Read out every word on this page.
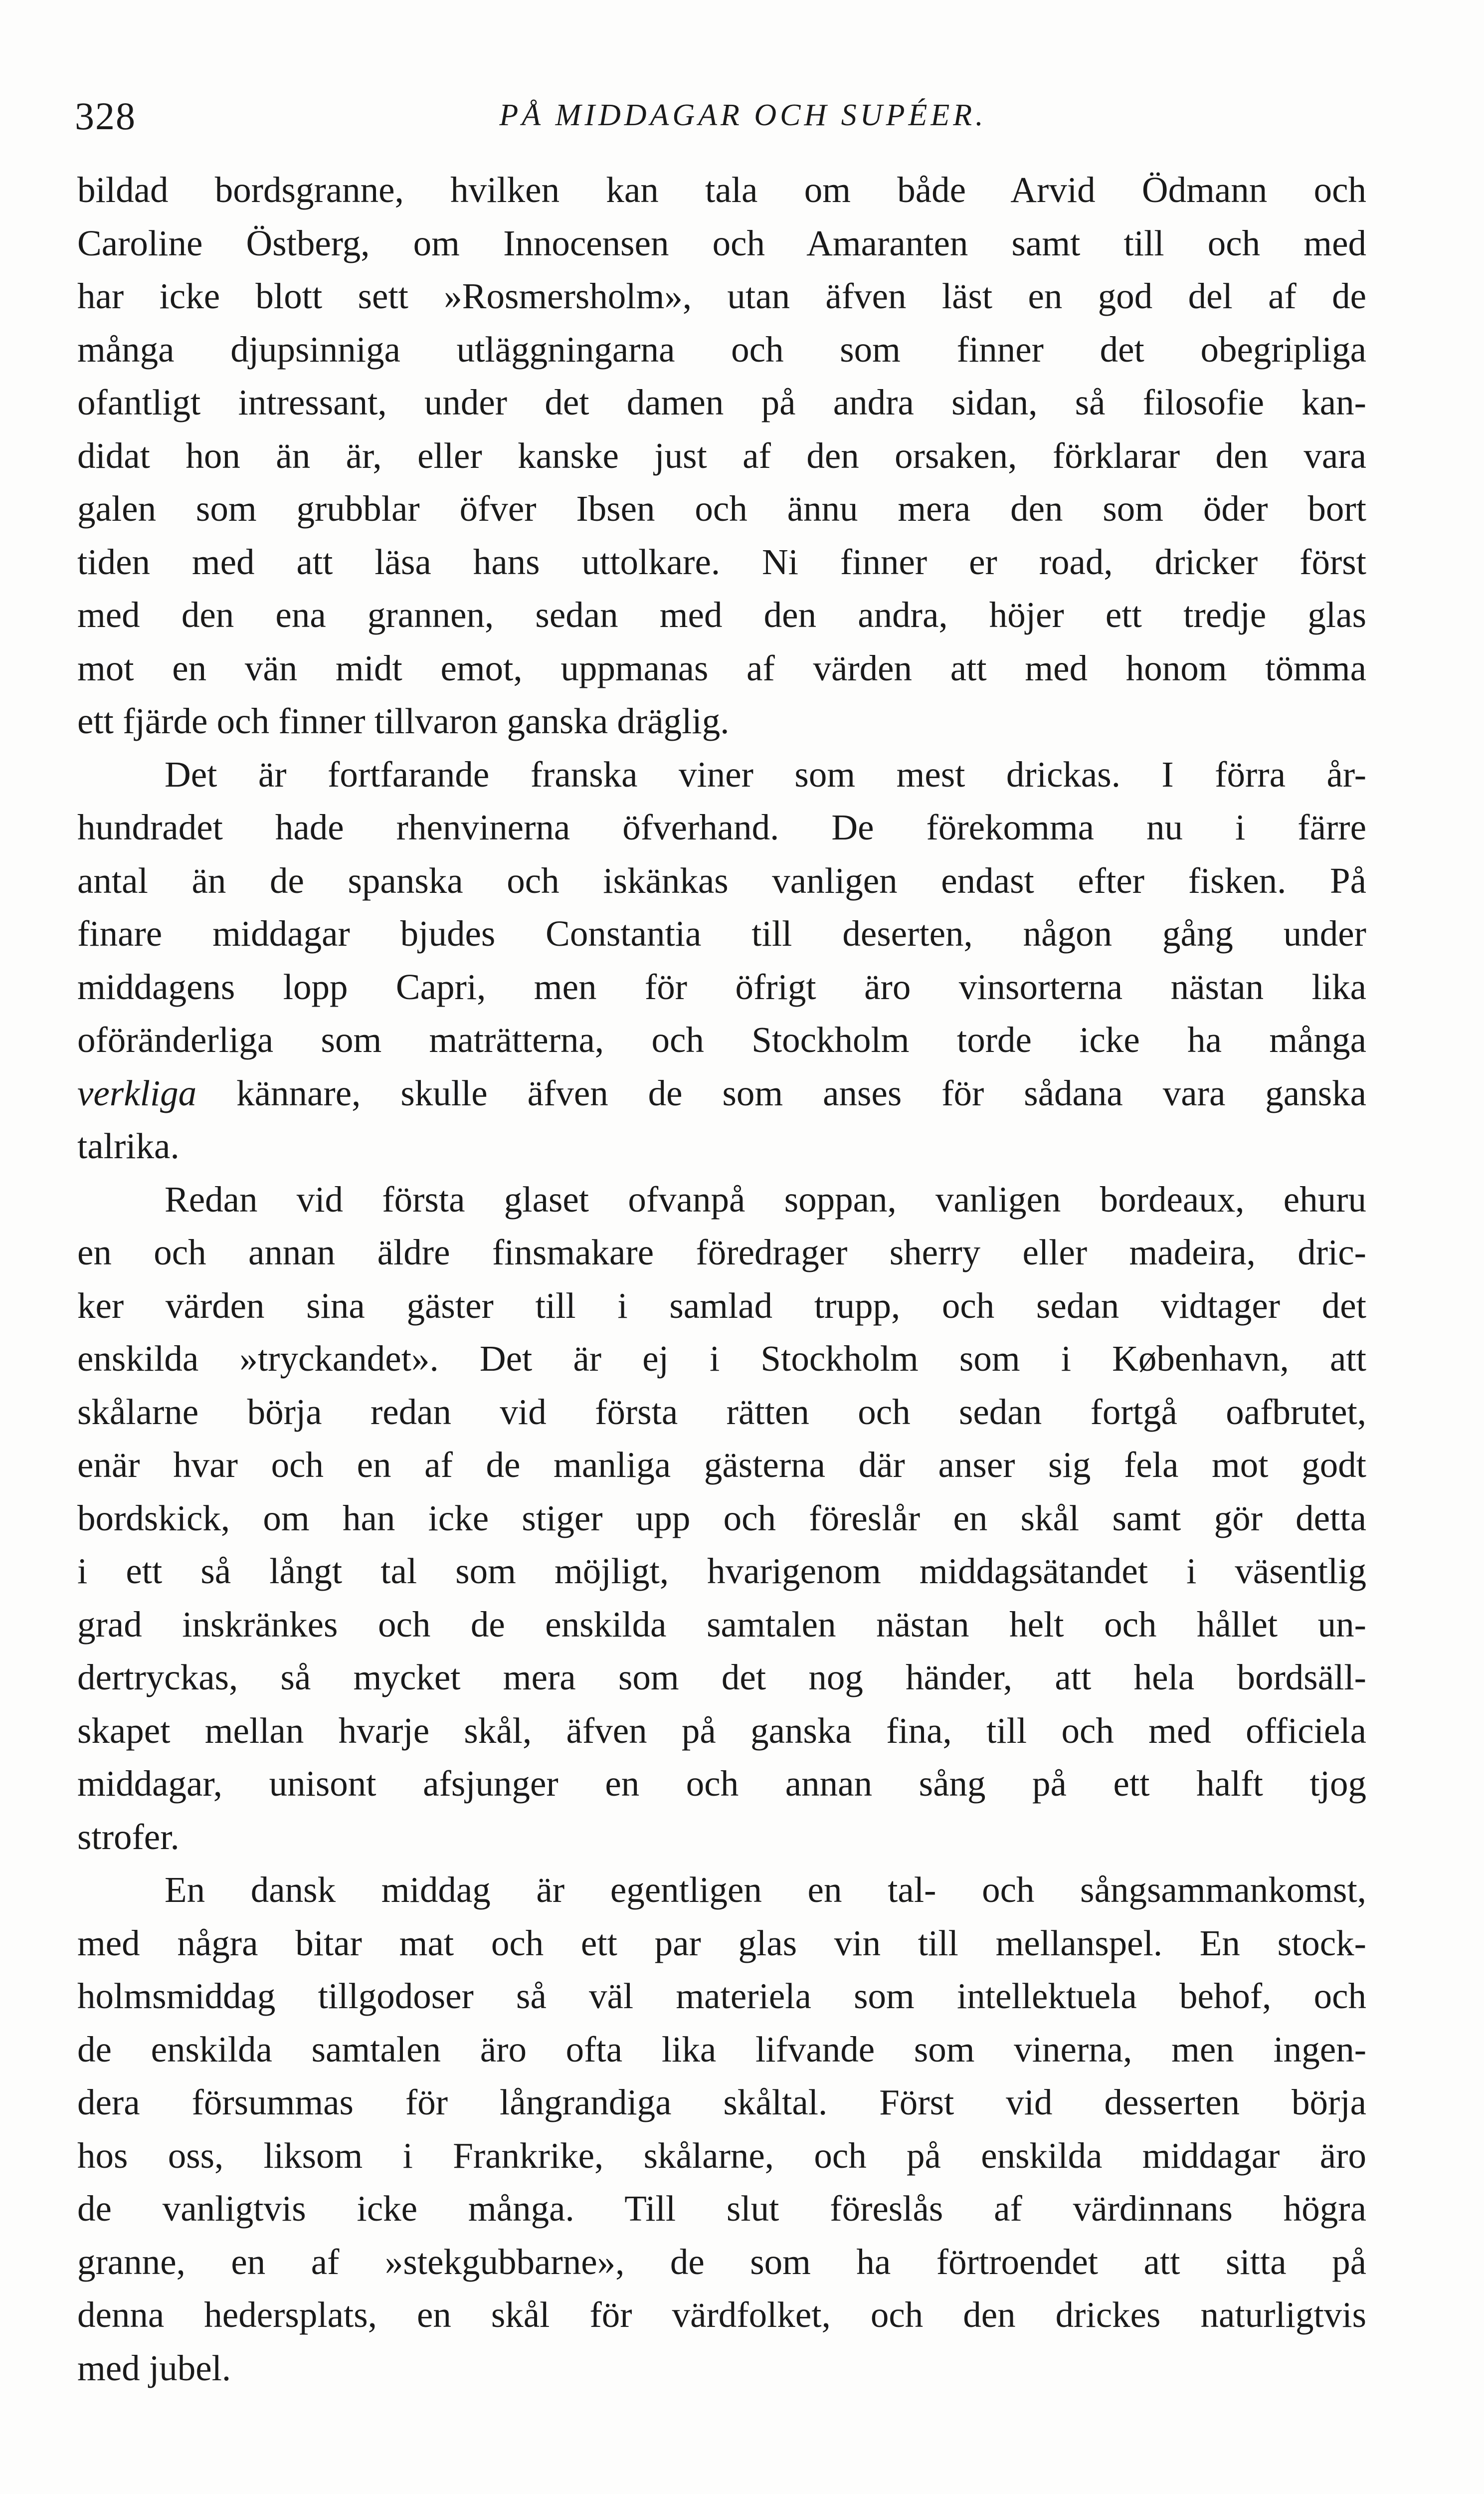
328	PÅ MIDDAGAR OCH SUPÉER.
bildad bordsgranne, hvilken kan tala om både Arvid Ödmann och
Caroline Östberg, om Innocensen och Amaranten samt till och med
har icke blott sett »Rosmersholm», utan äfven läst en god del af de
många djupsinniga utläggningarna och som finner det obegripliga
ofantligt intressant, under det damen på andra sidan, så filosofie kan-
didat hon än är, eller kanske just af den orsaken, förklarar den vara
galen som grubblar öfver Ibsen och ännu mera den som öder bort
tiden med att läsa hans uttolkare. Ni finner er road, dricker först
med den ena grannen, sedan med den andra, höjer ett tredje glas
mot en vän midt emot, uppmanas af värden att med honom tömma
ett fjärde och finner tillvaron ganska dräglig.
Det är fortfarande franska viner som mest drickas. I förra år-
hundradet hade rhenvinerna öfverhand. De förekomma nu i färre
antal än de spanska och iskänkas vanligen endast efter fisken. På
finare middagar bjudes Constantia till deserten, någon gång under
middagens lopp Capri, men för öfrigt äro vinsorterna nästan lika
oföränderliga som maträtterna, och Stockholm torde icke ha många
verkliga kännare, skulle äfven de som anses för sådana vara ganska
talrika.
Redan vid första glaset ofvanpå soppan, vanligen bordeaux, ehuru
en och annan äldre finsmakare föredrager sherry eller madeira, dric-
ker värden sina gäster till i samlad trupp, och sedan vidtager det
enskilda »tryckandet». Det är ej i Stockholm som i København, att
skålarne börja redan vid första rätten och sedan fortgå oafbrutet,
enär hvar och en af de manliga gästerna där anser sig fela mot godt
bordskick, om han icke stiger upp och föreslår en skål samt gör detta
i ett så långt tal som möjligt, hvarigenom middagsätandet i väsentlig
grad inskränkes och de enskilda samtalen nästan helt och hållet un-
dertryckas, så mycket mera som det nog händer, att hela bordsäll-
skapet mellan hvarje skål, äfven på ganska fina, till och med officiela
middagar, unisont afsjunger en och annan sång på ett halft tjog
strofer.
En dansk middag är egentligen en tal- och sångsammankomst,
med några bitar mat och ett par glas vin till mellanspel. En stock-
holmsmiddag tillgodoser så väl materiela som intellektuela behof, och
de enskilda samtalen äro ofta lika lifvande som vinerna, men ingen-
dera försummas för långrandiga skåltal. Först vid desserten börja
hos oss, liksom i Frankrike, skålarne, och på enskilda middagar äro
de vanligtvis icke många. Till slut föreslås af värdinnans högra
granne, en af »stekgubbarne», de som ha förtroendet att sitta på
denna hedersplats, en skål för värdfolket, och den drickes naturligtvis
med jubel.
